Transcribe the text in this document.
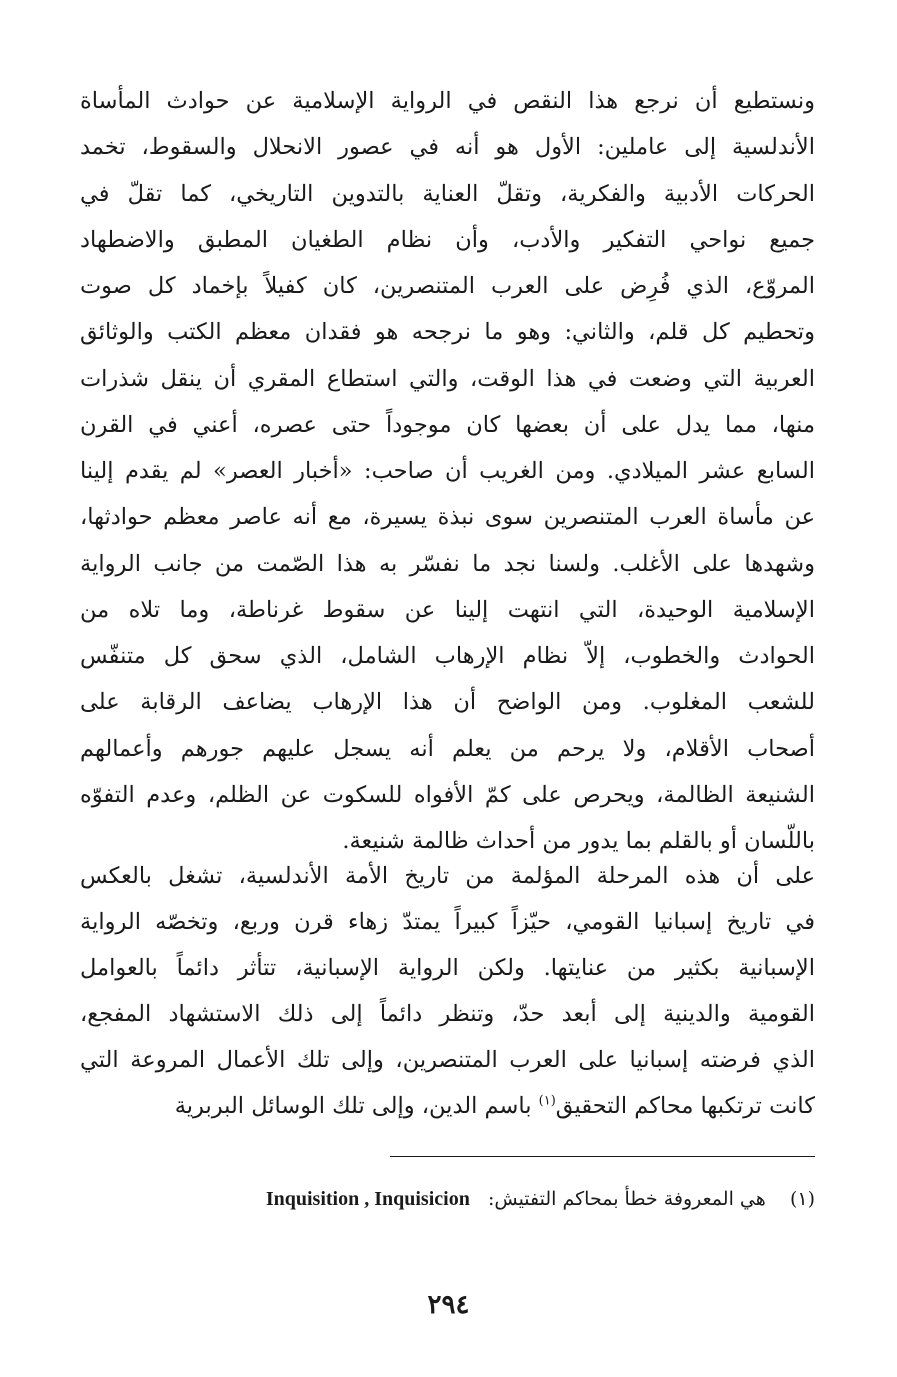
ونستطيع أن نرجع هذا النقص في الرواية الإسلامية عن حوادث المأساة
الأندلسية إلى عاملين: الأول هو أنه في عصور الانحلال والسقوط، تخمد
الحركات الأدبية والفكرية، وتقلّ العناية بالتدوين التاريخي، كما تقلّ في
جميع نواحي التفكير والأدب، وأن نظام الطغيان المطبق والاضطهاد
المروّع، الذي فُرِض على العرب المتنصرين، كان كفيلاً بإخماد كل صوت
وتحطيم كل قلم، والثاني: وهو ما نرجحه هو فقدان معظم الكتب والوثائق
العربية التي وضعت في هذا الوقت، والتي استطاع المقري أن ينقل شذرات
منها، مما يدل على أن بعضها كان موجوداً حتى عصره، أعني في القرن
السابع عشر الميلادي. ومن الغريب أن صاحب: «أخبار العصر» لم يقدم إلينا
عن مأساة العرب المتنصرين سوى نبذة يسيرة، مع أنه عاصر معظم حوادثها،
وشهدها على الأغلب. ولسنا نجد ما نفسّر به هذا الصّمت من جانب الرواية
الإسلامية الوحيدة، التي انتهت إلينا عن سقوط غرناطة، وما تلاه من
الحوادث والخطوب، إلاّ نظام الإرهاب الشامل، الذي سحق كل متنفّس
للشعب المغلوب. ومن الواضح أن هذا الإرهاب يضاعف الرقابة على
أصحاب الأقلام، ولا يرحم من يعلم أنه يسجل عليهم جورهم وأعمالهم
الشنيعة الظالمة، ويحرص على كمّ الأفواه للسكوت عن الظلم، وعدم التفوّه
باللّسان أو بالقلم بما يدور من أحداث ظالمة شنيعة.
على أن هذه المرحلة المؤلمة من تاريخ الأمة الأندلسية، تشغل بالعكس
في تاريخ إسبانيا القومي، حيّزاً كبيراً يمتدّ زهاء قرن وربع، وتخصّه الرواية
الإسبانية بكثير من عنايتها. ولكن الرواية الإسبانية، تتأثر دائماً بالعوامل
القومية والدينية إلى أبعد حدّ، وتنظر دائماً إلى ذلك الاستشهاد المفجع،
الذي فرضته إسبانيا على العرب المتنصرين، وإلى تلك الأعمال المروعة التي
كانت ترتكبها محاكم التحقيق$^{(١)}$ باسم الدين، وإلى تلك الوسائل البربرية
(١)    هي المعروفة خطأ بمحاكم التفتيش:   Inquisition , Inquisicion
٢٩٤
